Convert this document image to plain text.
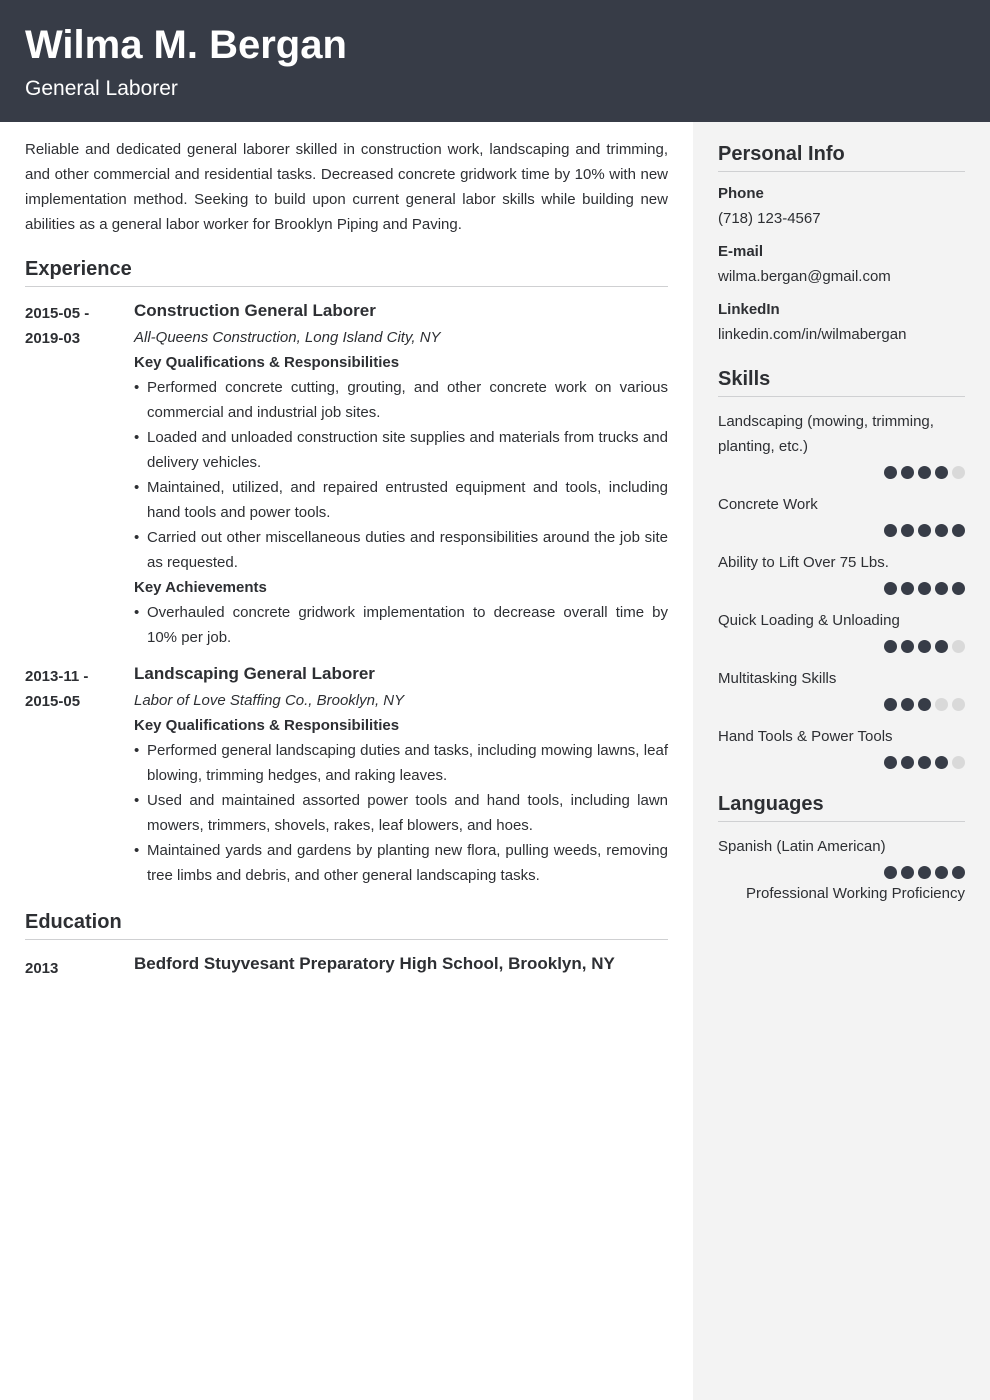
Wilma M. Bergan
General Laborer
Reliable and dedicated general laborer skilled in construction work, landscaping and trimming, and other commercial and residential tasks. Decreased concrete gridwork time by 10% with new implementation method. Seeking to build upon current general labor skills while building new abilities as a general labor worker for Brooklyn Piping and Paving.
Experience
2015-05 -
2019-03
Construction General Laborer
All-Queens Construction, Long Island City, NY
Key Qualifications & Responsibilities
• Performed concrete cutting, grouting, and other concrete work on various commercial and industrial job sites.
• Loaded and unloaded construction site supplies and materials from trucks and delivery vehicles.
• Maintained, utilized, and repaired entrusted equipment and tools, including hand tools and power tools.
• Carried out other miscellaneous duties and responsibilities around the job site as requested.
Key Achievements
• Overhauled concrete gridwork implementation to decrease overall time by 10% per job.
2013-11 -
2015-05
Landscaping General Laborer
Labor of Love Staffing Co., Brooklyn, NY
Key Qualifications & Responsibilities
• Performed general landscaping duties and tasks, including mowing lawns, leaf blowing, trimming hedges, and raking leaves.
• Used and maintained assorted power tools and hand tools, including lawn mowers, trimmers, shovels, rakes, leaf blowers, and hoes.
• Maintained yards and gardens by planting new flora, pulling weeds, removing tree limbs and debris, and other general landscaping tasks.
Education
2013	Bedford Stuyvesant Preparatory High School, Brooklyn, NY
Personal Info
Phone
(718) 123-4567
E-mail
wilma.bergan@gmail.com
LinkedIn
linkedin.com/in/wilmabergan
Skills
Landscaping (mowing, trimming, planting, etc.)
Concrete Work
Ability to Lift Over 75 Lbs.
Quick Loading & Unloading
Multitasking Skills
Hand Tools & Power Tools
Languages
Spanish (Latin American)
Professional Working Proficiency
